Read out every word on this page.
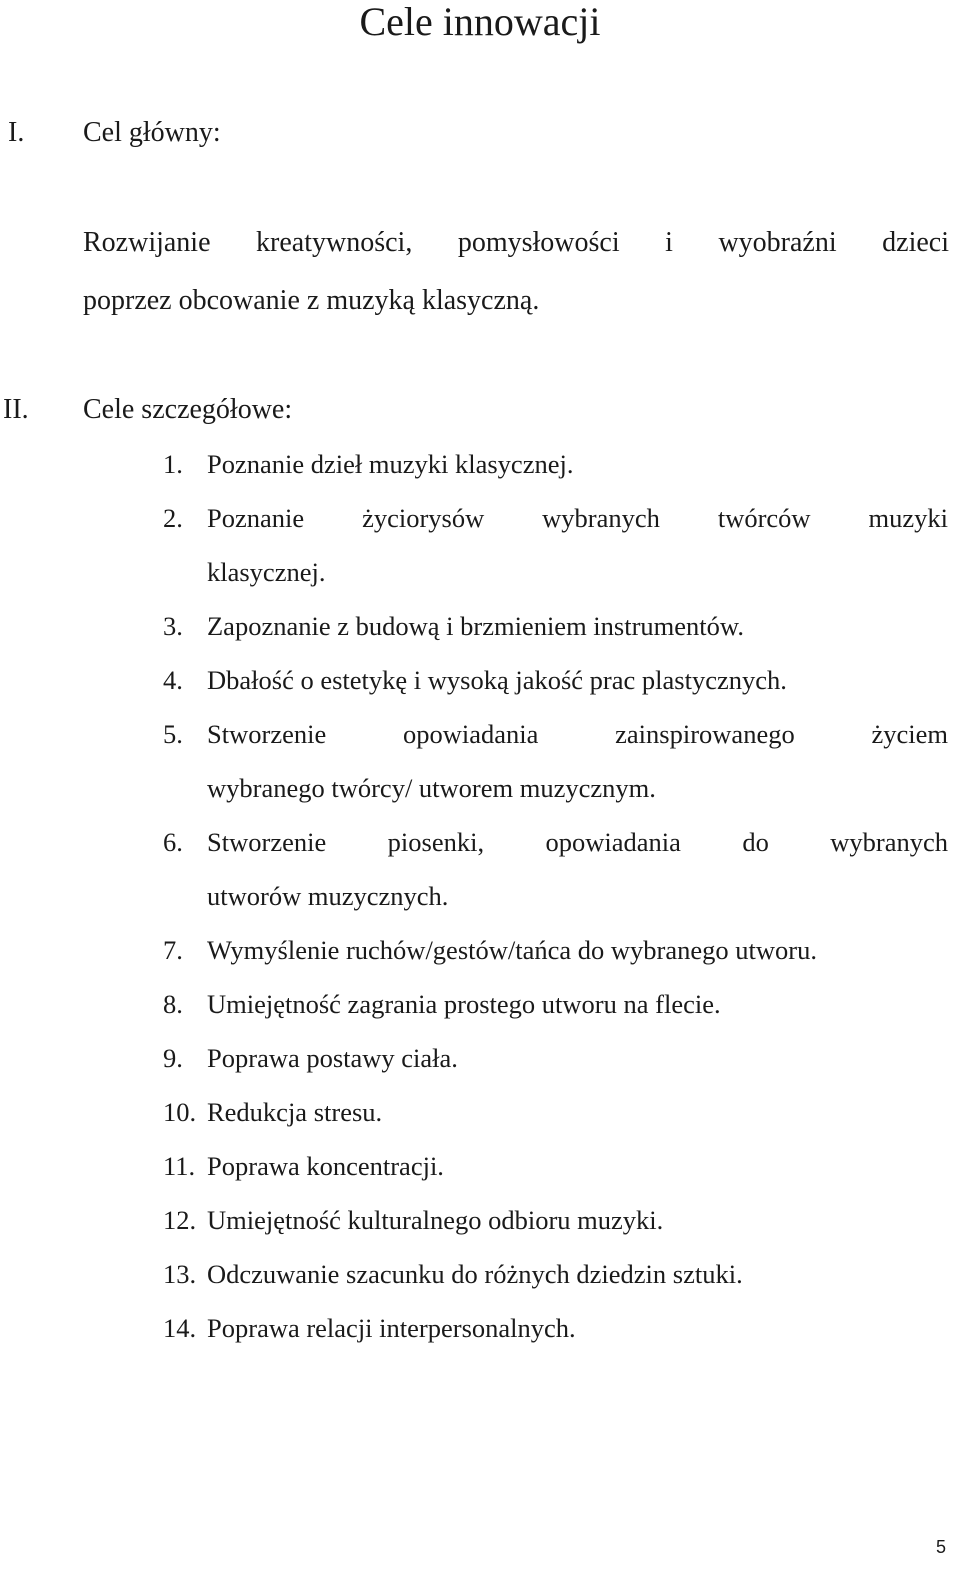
Cele innowacji
I. Cel główny:
Rozwijanie kreatywności, pomysłowości i wyobraźni dzieci
poprzez obcowanie z muzyką klasyczną.
II. Cele szczegółowe:
1. Poznanie dzieł muzyki klasycznej.
2. Poznanie życiorysów wybranych twórców muzyki
klasycznej.
3. Zapoznanie z budową i brzmieniem instrumentów.
4. Dbałość o estetykę i wysoką jakość prac plastycznych.
5. Stworzenie opowiadania zainspirowanego życiem
wybranego twórcy/ utworem muzycznym.
6. Stworzenie piosenki, opowiadania do wybranych
utworów muzycznych.
7. Wymyślenie ruchów/gestów/tańca do wybranego utworu.
8. Umiejętność zagrania prostego utworu na flecie.
9. Poprawa postawy ciała.
10. Redukcja stresu.
11. Poprawa koncentracji.
12. Umiejętność kulturalnego odbioru muzyki.
13. Odczuwanie szacunku do różnych dziedzin sztuki.
14. Poprawa relacji interpersonalnych.
5
